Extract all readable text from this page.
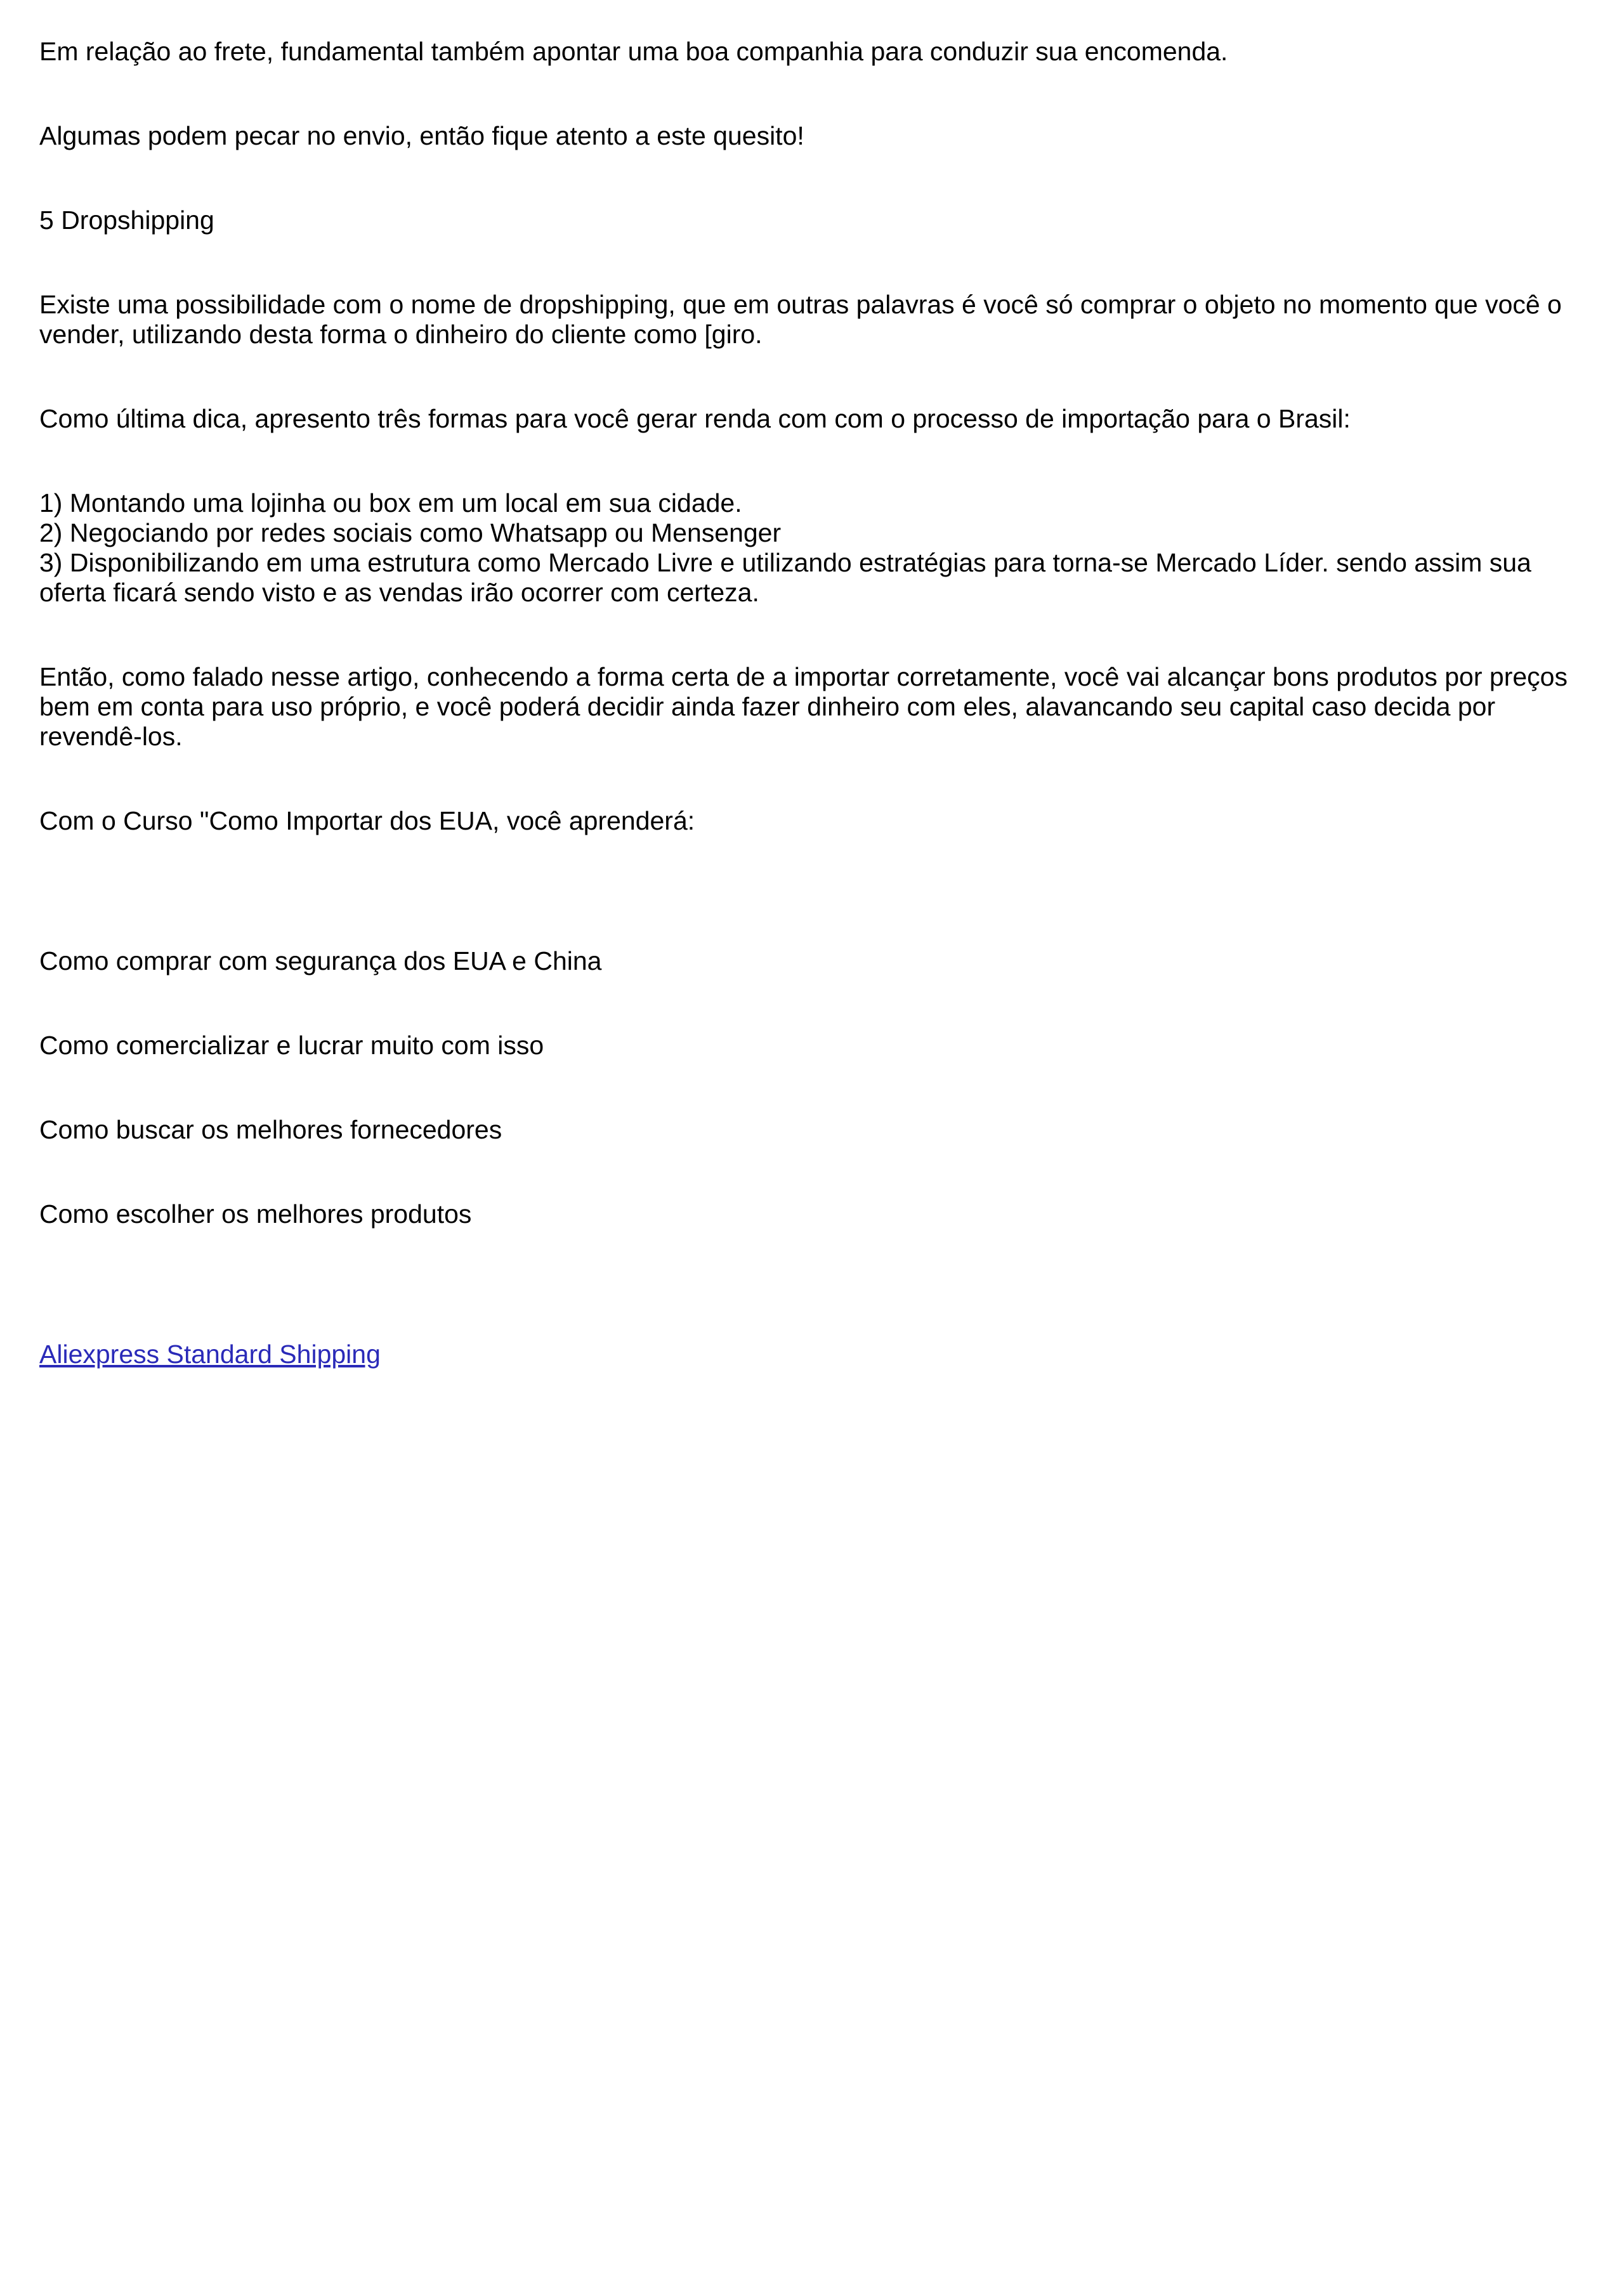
Em relação ao frete, fundamental também apontar uma boa companhia para conduzir sua encomenda.

Algumas podem pecar no envio, então fique atento a este quesito!

5 Dropshipping

Existe uma possibilidade com o nome de dropshipping, que em outras palavras é você só comprar o objeto no momento que você o vender, utilizando desta forma o dinheiro do cliente como [giro.

Como última dica, apresento três formas para você gerar renda com com o processo de importação para o Brasil:

1) Montando uma lojinha ou box em um local em sua cidade.
2) Negociando por redes sociais como Whatsapp ou Mensenger
3) Disponibilizando em uma estrutura como Mercado Livre e utilizando estratégias para torna-se Mercado Líder. sendo assim sua oferta ficará sendo visto e as vendas irão ocorrer com certeza.

Então, como falado nesse artigo, conhecendo a forma certa de a importar corretamente, você vai alcançar bons produtos por preços bem em conta para uso próprio, e você poderá decidir ainda fazer dinheiro com eles, alavancando seu capital caso decida por revendê-los.

Com o Curso "Como Importar dos EUA, você aprenderá:

Como comprar com segurança dos EUA e China

Como comercializar e lucrar muito com isso

Como buscar os melhores fornecedores

Como escolher os melhores produtos

Aliexpress Standard Shipping
